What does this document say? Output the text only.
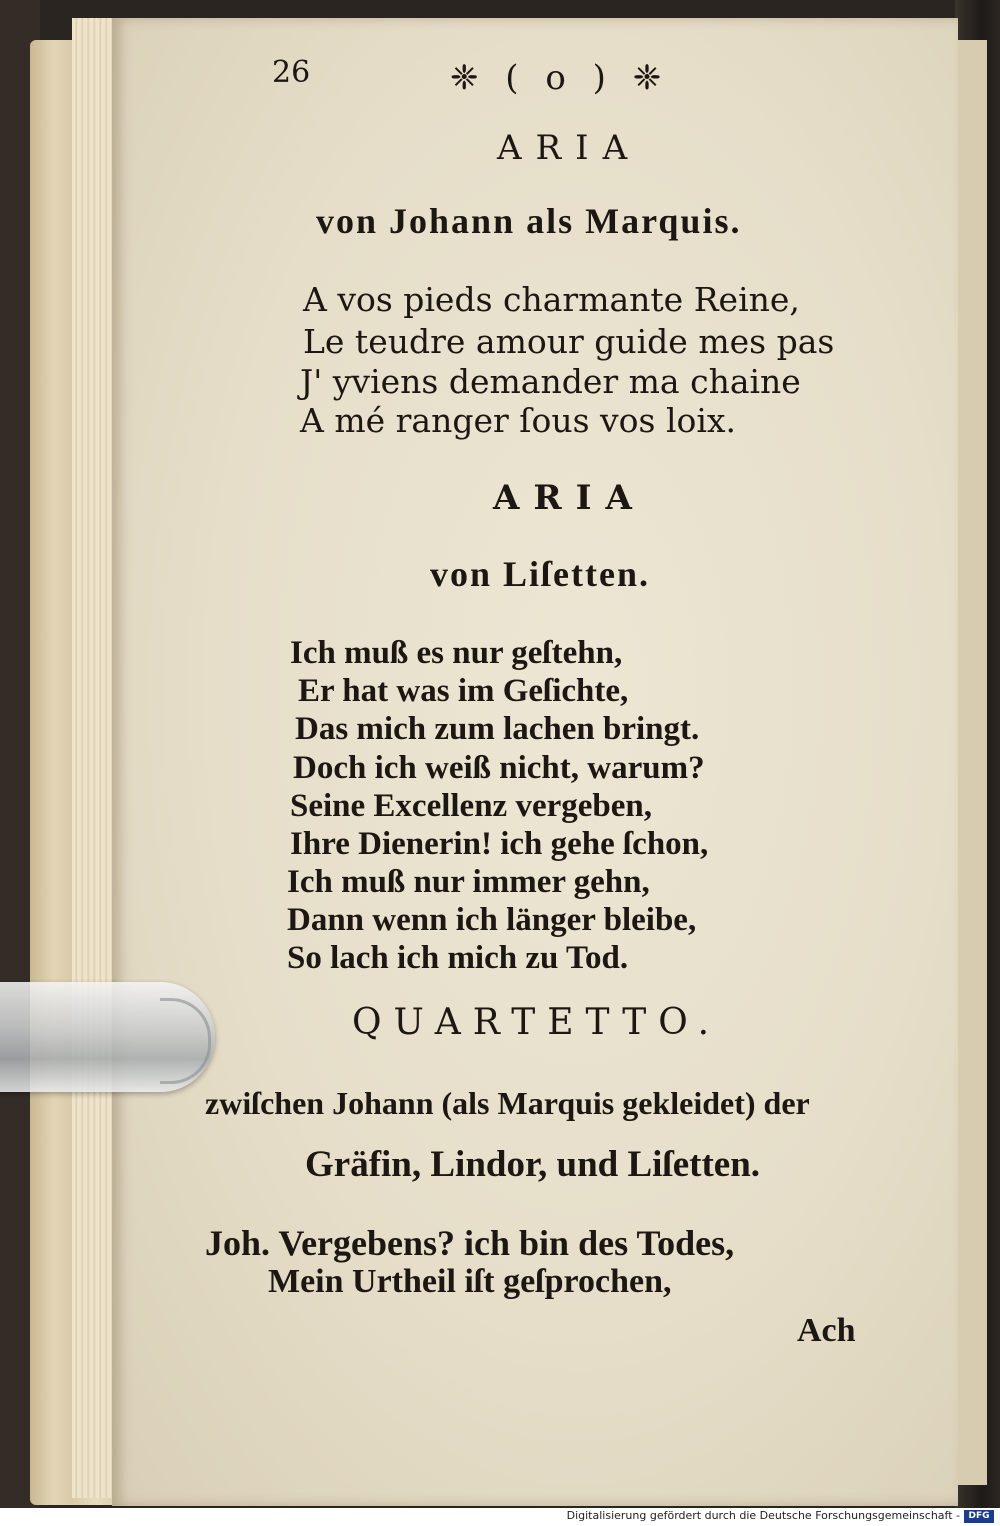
26	❈ ( o ) ❈
ARIA
von Johann als Marquis.
A vos pieds charmante Reine,
Le teudre amour guide mes pas
J' yviens demander ma chaine
A mé ranger ſous vos loix.
ARIA
von Liſetten.
Ich muß es nur geſtehn,
Er hat was im Geſichte,
Das mich zum lachen bringt.
Doch ich weiß nicht, warum?
Seine Excellenz vergeben,
Ihre Dienerin! ich gehe ſchon,
Ich muß nur immer gehn,
Dann wenn ich länger bleibe,
So lach ich mich zu Tod.
QUARTETTO.
zwiſchen Johann (als Marquis gekleidet) der
Gräfin, Lindor, und Liſetten.
Joh. Vergebens? ich bin des Todes,
Mein Urtheil iſt geſprochen,
Ach
Digitalisierung gefördert durch die Deutsche Forschungsgemeinschaft - DFG
